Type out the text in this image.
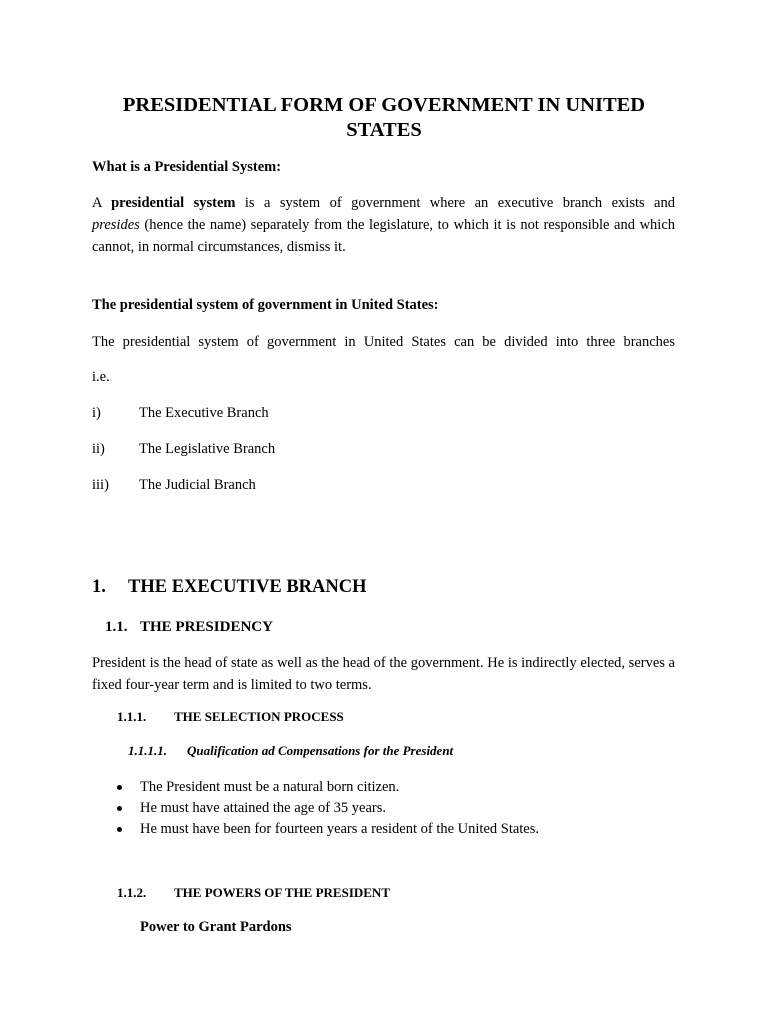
PRESIDENTIAL FORM OF GOVERNMENT IN UNITED STATES
What is a Presidential System:
A presidential system is a system of government where an executive branch exists and
presides (hence the name) separately from the legislature, to which it is not responsible and which cannot, in normal circumstances, dismiss it.
The presidential system of government in United States:
The presidential system of government in United States can be divided into three branches
i.e.
i)	The Executive Branch
ii) The Legislative Branch
iii) The Judicial Branch
1. THE EXECUTIVE BRANCH
1.1. THE PRESIDENCY
President is the head of state as well as the head of the government. He is indirectly elected, serves a fixed four-year term and is limited to two terms.
1.1.1. THE SELECTION PROCESS
1.1.1.1. Qualification ad Compensations for the President
The President must be a natural born citizen.
He must have attained the age of 35 years.
He must have been for fourteen years a resident of the United States.
1.1.2. THE POWERS OF THE PRESIDENT
Power to Grant Pardons
